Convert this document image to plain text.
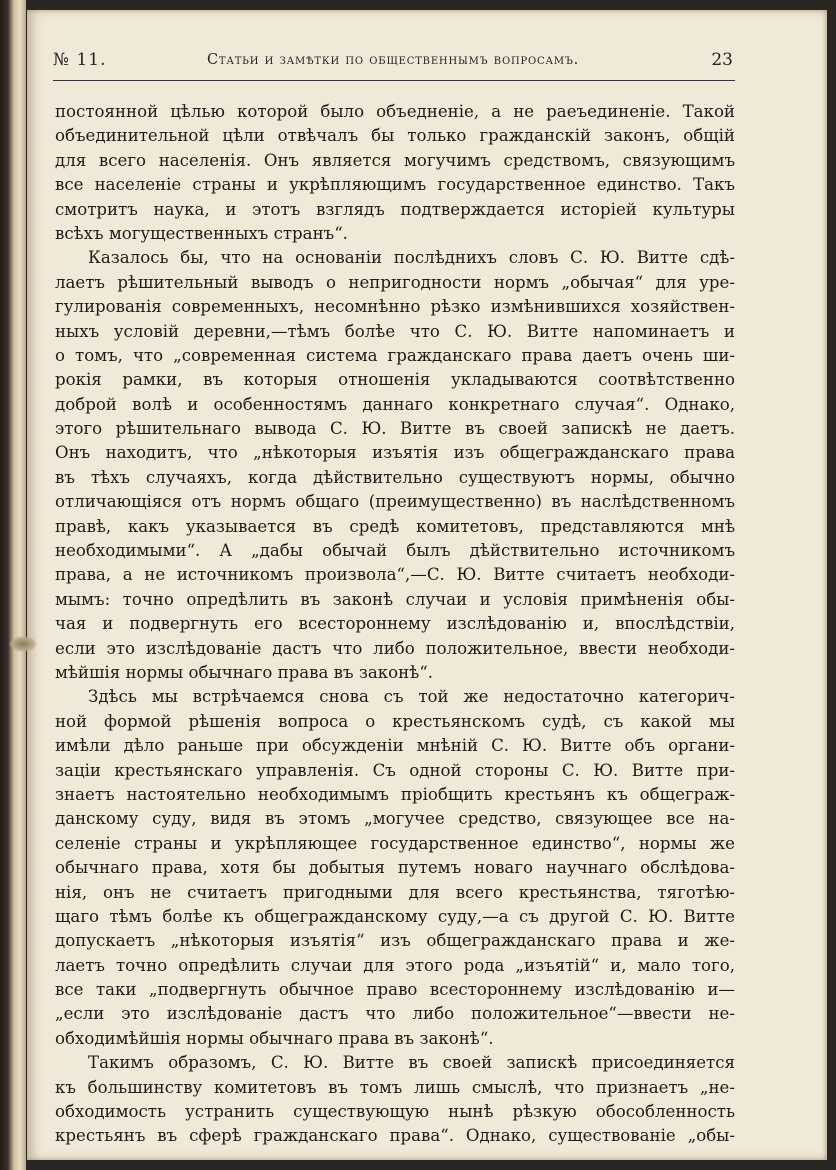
№ 11.	Статьи и замѣтки по общественнымъ вопросамъ.	23
постоянной цѣлью которой было объедненіе, а не раеъединеніе. Такой
объединительной цѣли отвѣчалъ бы только гражданскій законъ, общій
для всего населенія. Онъ является могучимъ средствомъ, связующимъ
все населеніе страны и укрѣпляющимъ государственное единство. Такъ
смотритъ наука, и этотъ взглядъ подтверждается исторіей культуры
всѣхъ могущественныхъ странъ“.
Казалось бы, что на основаніи послѣднихъ словъ С. Ю. Витте сдѣ-
лаетъ рѣшительный выводъ о непригодности нормъ „обычая“ для уре-
гулированія современныхъ, несомнѣнно рѣзко измѣнившихся хозяйствен-
ныхъ условій деревни,—тѣмъ болѣе что С. Ю. Витте напоминаетъ и
о томъ, что „современная система гражданскаго права даетъ очень ши-
рокія рамки, въ которыя отношенія укладываются соотвѣтственно
доброй волѣ и особенностямъ даннаго конкретнаго случая“. Однако,
этого рѣшительнаго вывода С. Ю. Витте въ своей запискѣ не даетъ.
Онъ находитъ, что „нѣкоторыя изъятія изъ общегражданскаго права
въ тѣхъ случаяхъ, когда дѣйствительно существуютъ нормы, обычно
отличающіяся отъ нормъ общаго (преимущественно) въ наслѣдственномъ
правѣ, какъ указывается въ средѣ комитетовъ, представляются мнѣ
необходимыми“. А „дабы обычай былъ дѣйствительно источникомъ
права, а не источникомъ произвола“,—С. Ю. Витте считаетъ необходи-
мымъ: точно опредѣлить въ законѣ случаи и условія примѣненія обы-
чая и подвергнуть его всестороннему изслѣдованію и, впослѣдствіи,
если это изслѣдованіе дастъ что либо положительное, ввести необходи-
мѣйшія нормы обычнаго права въ законѣ“.
Здѣсь мы встрѣчаемся снова съ той же недостаточно категорич-
ной формой рѣшенія вопроса о крестьянскомъ судѣ, съ какой мы
имѣли дѣло раньше при обсужденіи мнѣній С. Ю. Витте объ органи-
заціи крестьянскаго управленія. Съ одной стороны С. Ю. Витте при-
знаетъ настоятельно необходимымъ пріобщить крестьянъ къ общеграж-
данскому суду, видя въ этомъ „могучее средство, связующее все на-
селеніе страны и укрѣпляющее государственное единство“, нормы же
обычнаго права, хотя бы добытыя путемъ новаго научнаго обслѣдова-
нія, онъ не считаетъ пригодными для всего крестьянства, тяготѣю-
щаго тѣмъ болѣе къ общегражданскому суду,—а съ другой С. Ю. Витте
допускаетъ „нѣкоторыя изъятія“ изъ общегражданскаго права и же-
лаетъ точно опредѣлить случаи для этого рода „изъятій“ и, мало того,
все таки „подвергнуть обычное право всестороннему изслѣдованію и—
„если это изслѣдованіе дастъ что либо положительное“—ввести не-
обходимѣйшія нормы обычнаго права въ законѣ“.
Такимъ образомъ, С. Ю. Витте въ своей запискѣ присоединяется
къ большинству комитетовъ въ томъ лишь смыслѣ, что признаетъ „не-
обходимость устранить существующую нынѣ рѣзкую обособленность
крестьянъ въ сферѣ гражданскаго права“. Однако, существованіе „обы-
